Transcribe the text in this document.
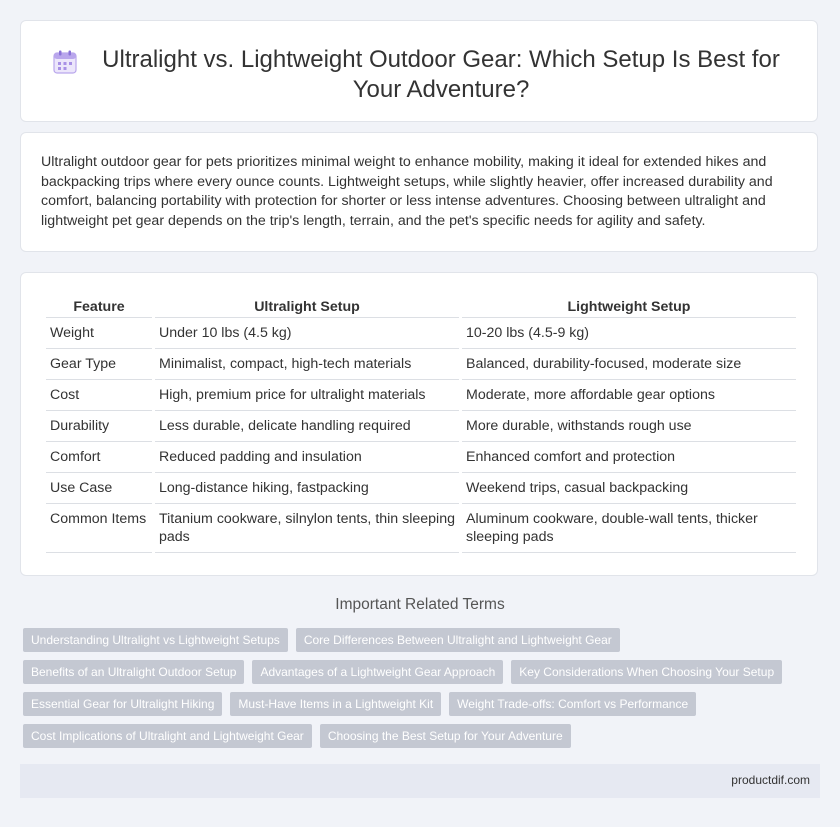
Ultralight vs. Lightweight Outdoor Gear: Which Setup Is Best for Your Adventure?

Ultralight outdoor gear for pets prioritizes minimal weight to enhance mobility, making it ideal for extended hikes and backpacking trips where every ounce counts. Lightweight setups, while slightly heavier, offer increased durability and comfort, balancing portability with protection for shorter or less intense adventures. Choosing between ultralight and lightweight pet gear depends on the trip's length, terrain, and the pet's specific needs for agility and safety.

Feature	Ultralight Setup	Lightweight Setup
Weight	Under 10 lbs (4.5 kg)	10-20 lbs (4.5-9 kg)
Gear Type	Minimalist, compact, high-tech materials	Balanced, durability-focused, moderate size
Cost	High, premium price for ultralight materials	Moderate, more affordable gear options
Durability	Less durable, delicate handling required	More durable, withstands rough use
Comfort	Reduced padding and insulation	Enhanced comfort and protection
Use Case	Long-distance hiking, fastpacking	Weekend trips, casual backpacking
Common Items	Titanium cookware, silnylon tents, thin sleeping pads	Aluminum cookware, double-wall tents, thicker sleeping pads
Important Related Terms
Understanding Ultralight vs Lightweight Setups	Core Differences Between Ultralight and Lightweight Gear
Benefits of an Ultralight Outdoor Setup	Advantages of a Lightweight Gear Approach	Key Considerations When Choosing Your Setup
Essential Gear for Ultralight Hiking	Must-Have Items in a Lightweight Kit	Weight Trade-offs: Comfort vs Performance
Cost Implications of Ultralight and Lightweight Gear	Choosing the Best Setup for Your Adventure
productdif.com
